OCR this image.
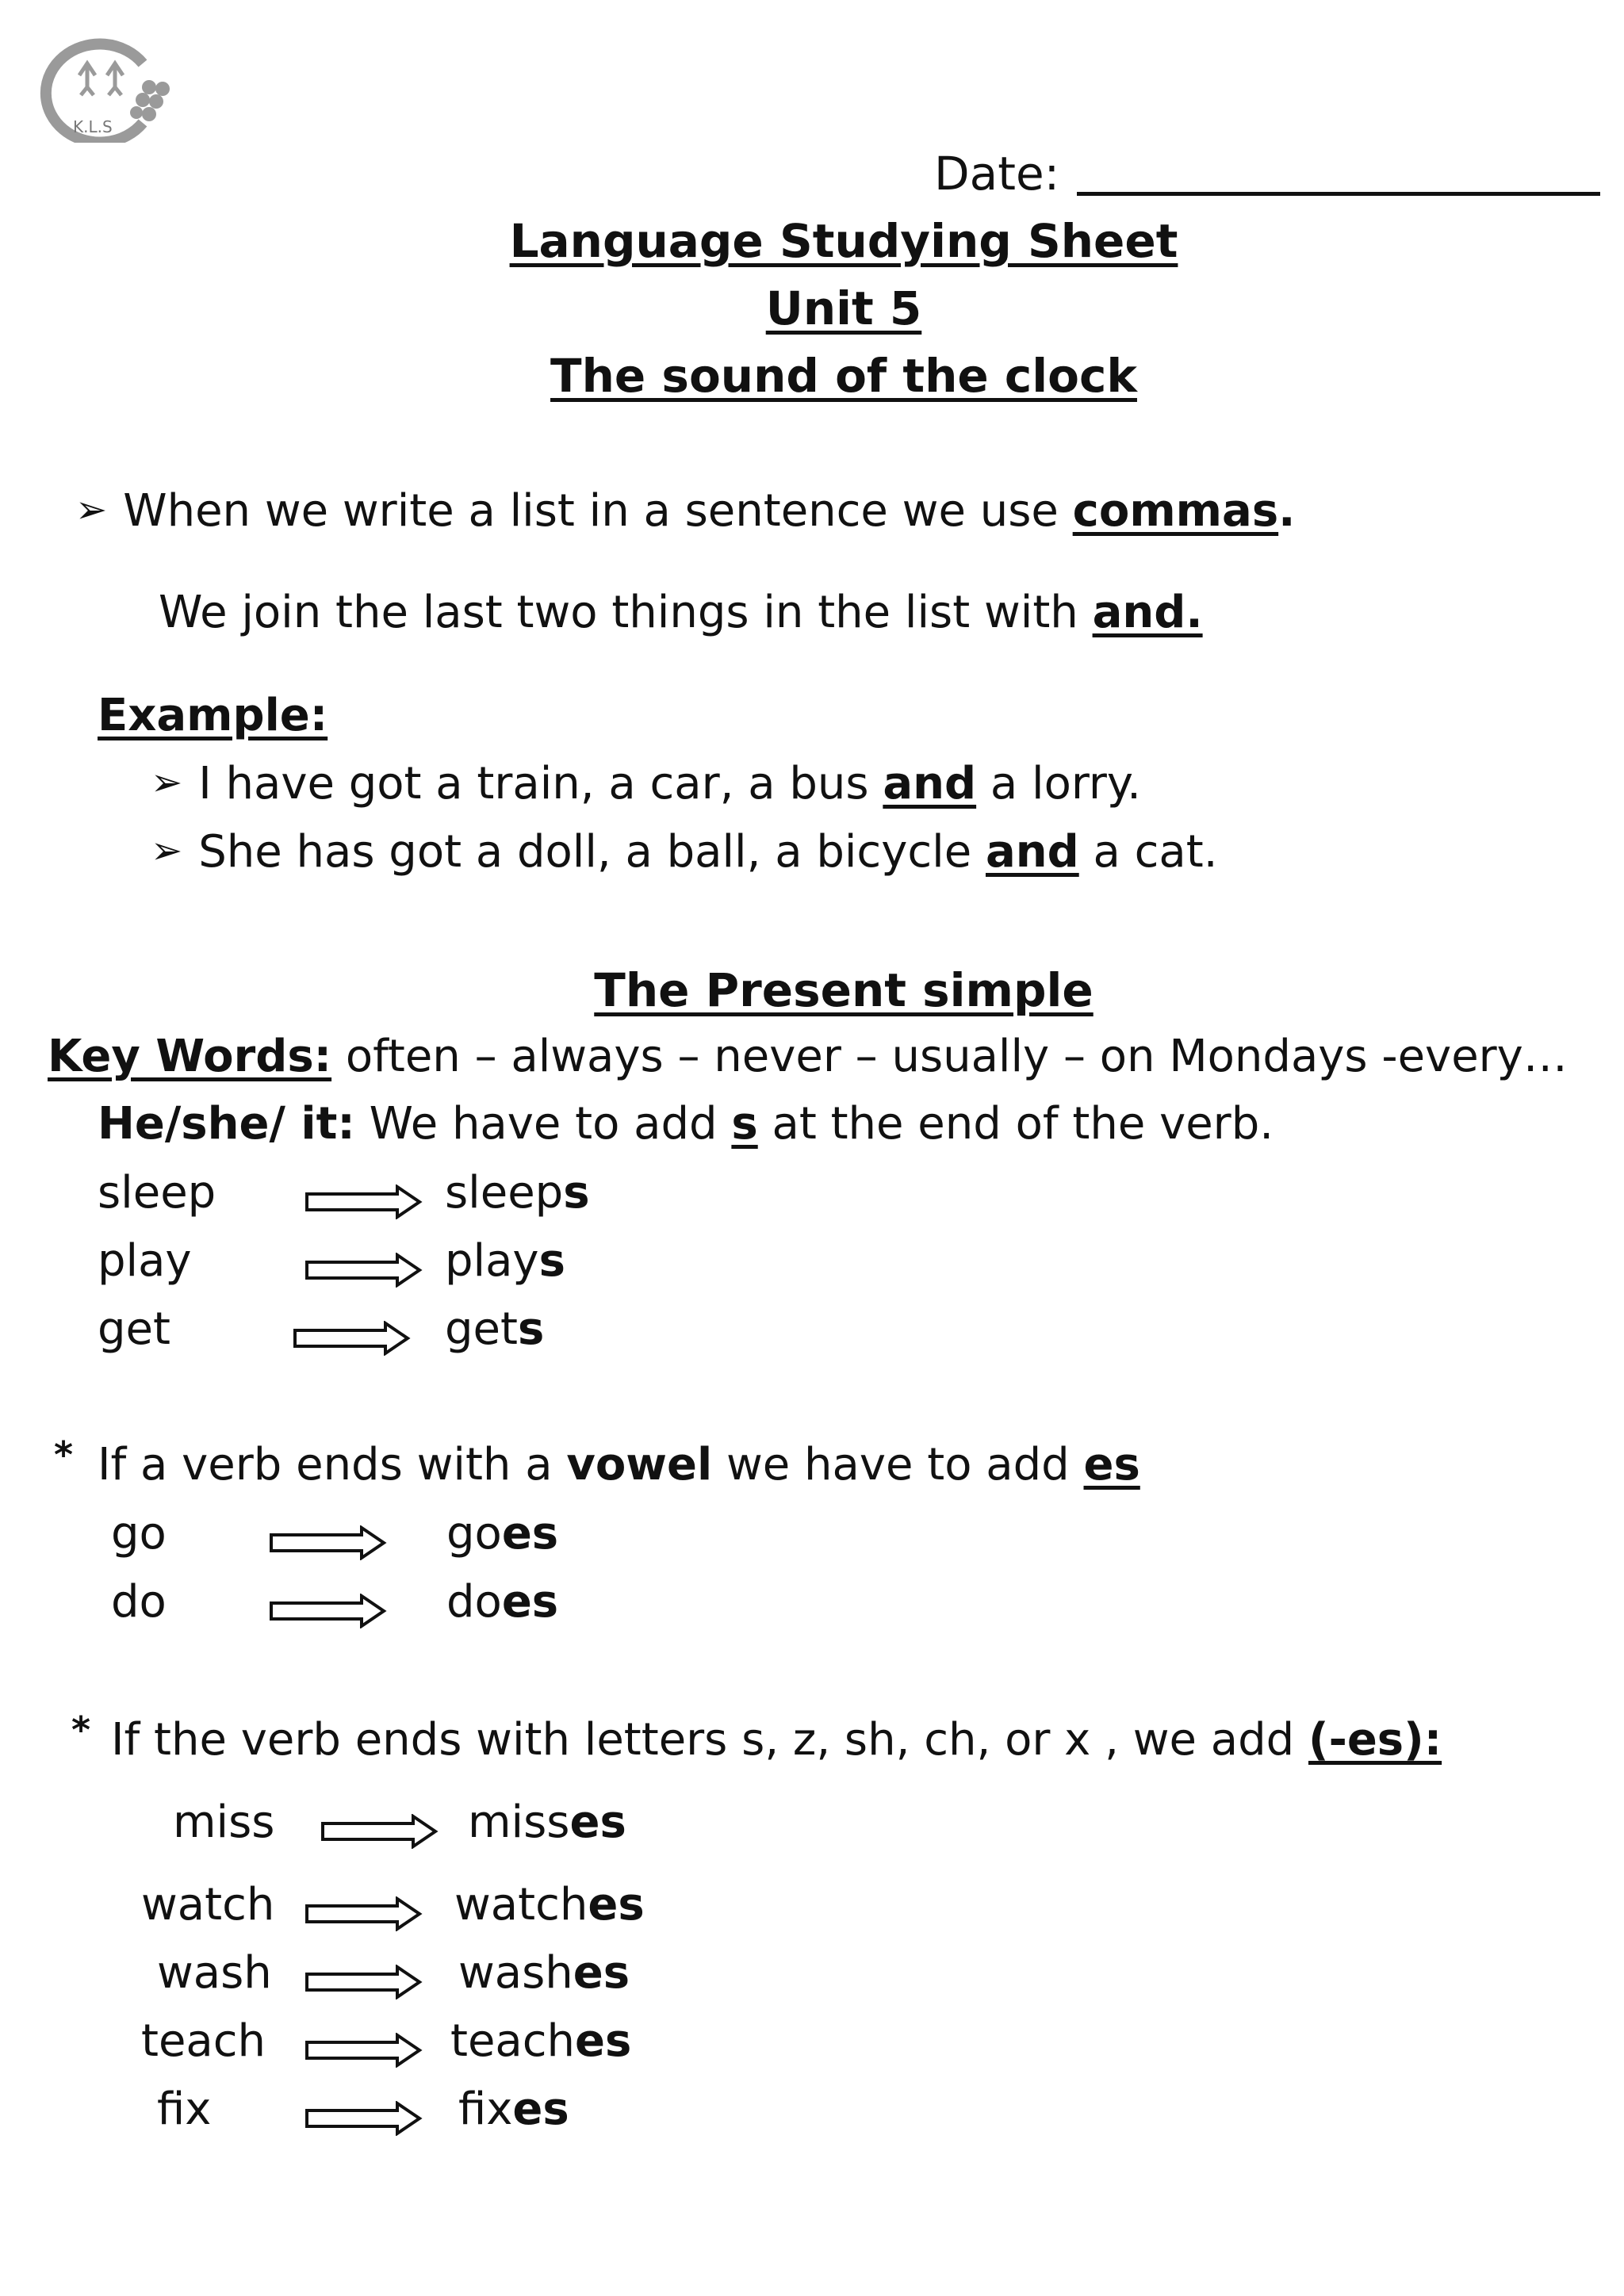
K.L.S
Date:
Language Studying Sheet
Unit 5
The sound of the clock
➢ When we write a list in a sentence we use commas.
We join the last two things in the list with and.
Example:
➢ I have got a train, a car, a bus and a lorry.
➢ She has got a doll, a ball, a bicycle and a cat.
The Present simple
Key Words: often – always – never – usually – on Mondays -every…
He/she/ it: We have to add s at the end of the verb.
sleep	sleeps
play	plays
get	gets
* If a verb ends with a vowel we have to add es
go	goes
do	does
* If the verb ends with letters s, z, sh, ch, or x , we add (-es):
miss	misses
watch	watches
wash	washes
teach	teaches
fix	fixes
